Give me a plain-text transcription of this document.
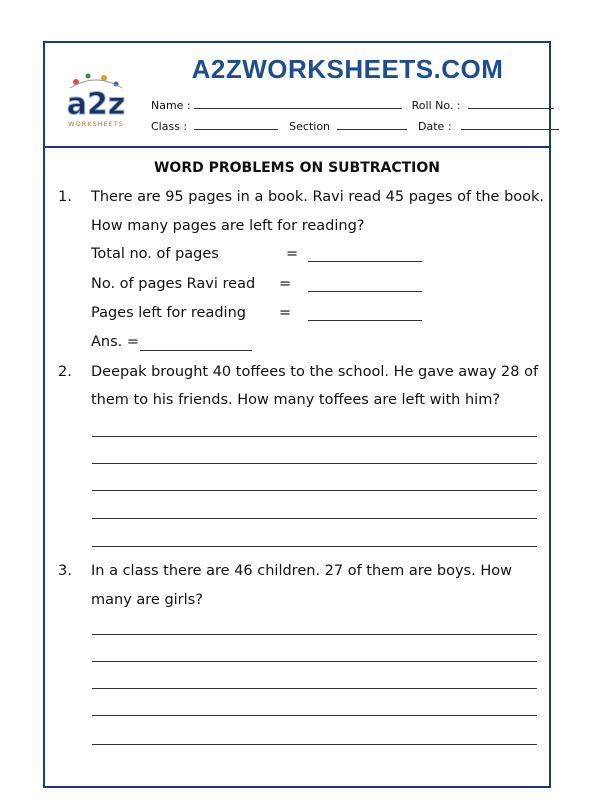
a2z
WORKSHEETS
A2ZWORKSHEETS.COM
Name :	Roll No. :
Class :	Section	Date :
WORD PROBLEMS ON SUBTRACTION
1. There are 95 pages in a book. Ravi read 45 pages of the book.
How many pages are left for reading?
Total no. of pages	=
No. of pages Ravi read =
Pages left for reading =
Ans. =
2. Deepak brought 40 toffees to the school. He gave away 28 of
them to his friends. How many toffees are left with him?
3. In a class there are 46 children. 27 of them are boys. How
many are girls?
